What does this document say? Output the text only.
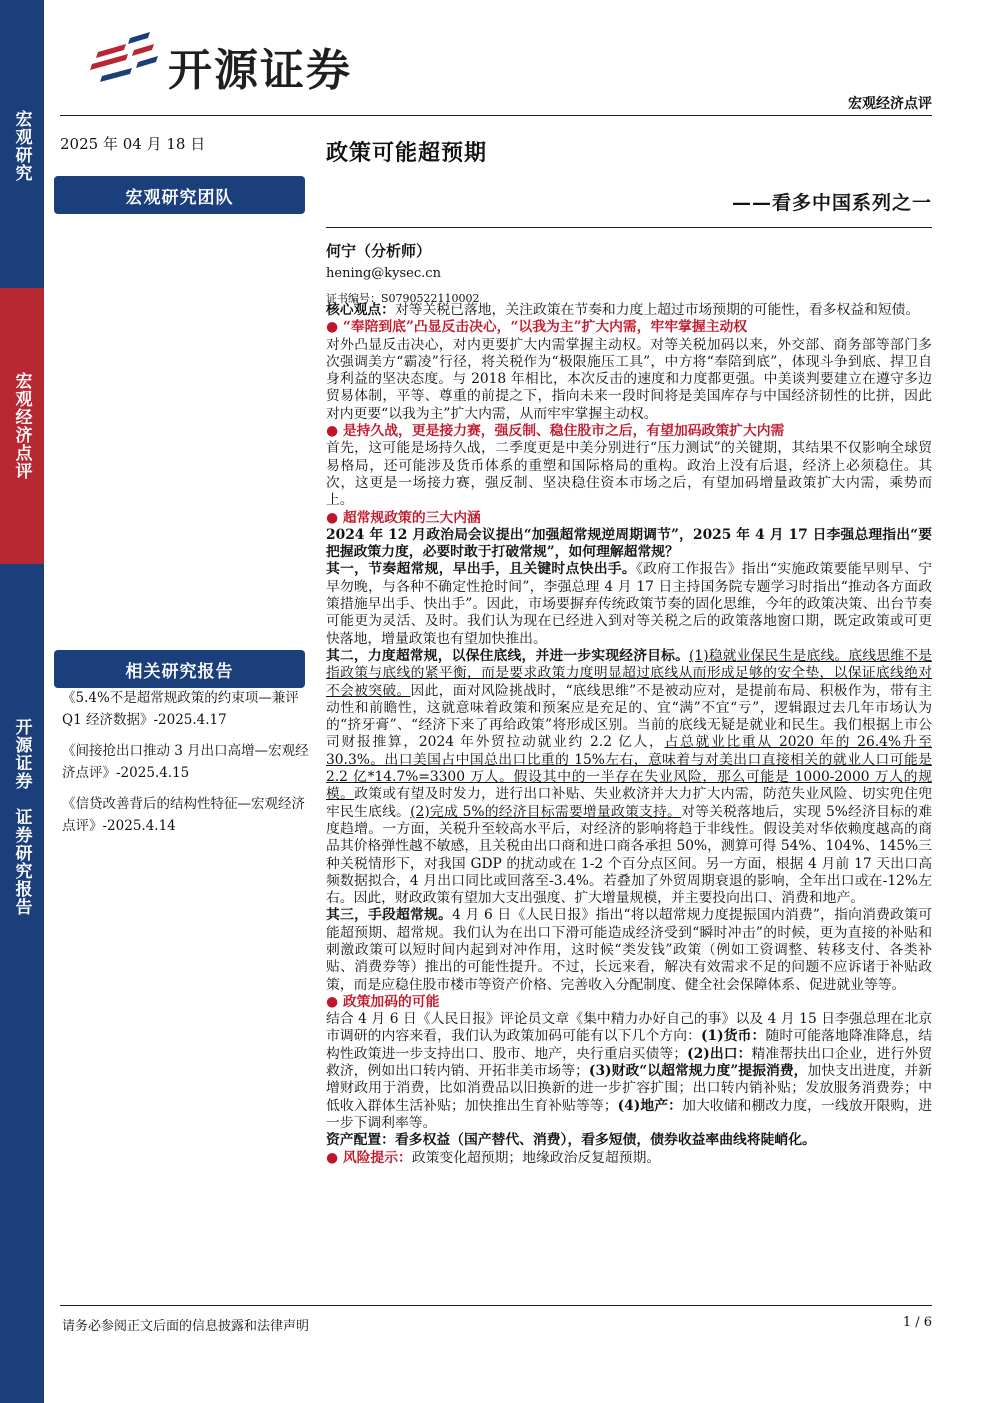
宏观研究
宏观经济点评
开源证券
证券研究报告
开源证券
宏观经济点评
2025 年 04 月 18 日	政策可能超预期
——看多中国系列之一
宏观研究团队
何宁（分析师）
hening@kysec.cn
证书编号：S0790522110002
相关研究报告

《5.4%不是超常规政策的约束项—兼评 Q1 经济数据》-2025.4.17

《间接抢出口推动 3 月出口高增—宏观经济点评》-2025.4.15

《信贷改善背后的结构性特征—宏观经济点评》-2025.4.14

核心观点：对等关税已落地，关注政策在节奏和力度上超过市场预期的可能性，看多权益和短债。

● “奉陪到底”凸显反击决心，“以我为主”扩大内需，牢牢掌握主动权

对外凸显反击决心，对内更要扩大内需掌握主动权。对等关税加码以来，外交部、商务部等部门多次强调美方“霸凌”行径，将关税作为“极限施压工具”，中方将“奉陪到底”，体现斗争到底、捍卫自身利益的坚决态度。与 2018 年相比，本次反击的速度和力度都更强。中美谈判要建立在遵守多边贸易体制，平等、尊重的前提之下，指向未来一段时间将是美国库存与中国经济韧性的比拼，因此对内更要“以我为主”扩大内需，从而牢牢掌握主动权。

● 是持久战，更是接力赛，强反制、稳住股市之后，有望加码政策扩大内需

首先，这可能是场持久战，二季度更是中美分别进行“压力测试”的关键期，其结果不仅影响全球贸易格局，还可能涉及货币体系的重塑和国际格局的重构。政治上没有后退，经济上必须稳住。其次，这更是一场接力赛，强反制、坚决稳住资本市场之后，有望加码增量政策扩大内需，乘势而上。

● 超常规政策的三大内涵

2024 年 12 月政治局会议提出“加强超常规逆周期调节”，2025 年 4 月 17 日李强总理指出“要把握政策力度，必要时敢于打破常规”，如何理解超常规？

其一，节奏超常规，早出手，且关键时点快出手。《政府工作报告》指出“实施政策要能早则早、宁早勿晚，与各种不确定性抢时间”，李强总理 4 月 17 日主持国务院专题学习时指出“推动各方面政策措施早出手、快出手”。因此，市场要摒弃传统政策节奏的固化思维，今年的政策决策、出台节奏可能更为灵活、及时。我们认为现在已经进入到对等关税之后的政策落地窗口期，既定政策或可更快落地，增量政策也有望加快推出。

其二，力度超常规，以保住底线，并进一步实现经济目标。(1)稳就业保民生是底线。底线思维不是指政策与底线的紧平衡，而是要求政策力度明显超过底线从而形成足够的安全垫，以保证底线绝对不会被突破。因此，面对风险挑战时，“底线思维”不是被动应对，是提前布局、积极作为，带有主动性和前瞻性，这就意味着政策和预案应是充足的、宜“满”不宜“亏”，逻辑跟过去几年市场认为的“挤牙膏”、“经济下来了再给政策”将形成区别。当前的底线无疑是就业和民生。我们根据上市公司财报推算，2024 年外贸拉动就业约 2.2 亿人，占总就业比重从 2020 年的 26.4%升至 30.3%。出口美国占中国总出口比重的 15%左右，意味着与对美出口直接相关的就业人口可能是 2.2 亿*14.7%=3300 万人。假设其中的一半存在失业风险，那么可能是 1000-2000 万人的规模。政策或有望及时发力，进行出口补贴、失业救济并大力扩大内需，防范失业风险、切实兜住兜牢民生底线。(2)完成 5%的经济目标需要增量政策支持。对等关税落地后，实现 5%经济目标的难度趋增。一方面，关税升至较高水平后，对经济的影响将趋于非线性。假设美对华依赖度越高的商品其价格弹性越不敏感，且关税由出口商和进口商各承担 50%，测算可得 54%、104%、145%三种关税情形下，对我国 GDP 的扰动或在 1-2 个百分点区间。另一方面，根据 4 月前 17 天出口高频数据拟合，4 月出口同比或回落至-3.4%。若叠加了外贸周期衰退的影响，全年出口或在-12%左右。因此，财政政策有望加大支出强度、扩大增量规模，并主要投向出口、消费和地产。

其三，手段超常规。4 月 6 日《人民日报》指出“将以超常规力度提振国内消费”，指向消费政策可能超预期、超常规。我们认为在出口下滑可能造成经济受到“瞬时冲击”的时候，更为直接的补贴和刺激政策可以短时间内起到对冲作用，这时候“类发钱”政策（例如工资调整、转移支付、各类补贴、消费券等）推出的可能性提升。不过，长远来看，解决有效需求不足的问题不应诉诸于补贴政策，而是应稳住股市楼市等资产价格、完善收入分配制度、健全社会保障体系、促进就业等等。

● 政策加码的可能

结合 4 月 6 日《人民日报》评论员文章《集中精力办好自己的事》以及 4 月 15 日李强总理在北京市调研的内容来看，我们认为政策加码可能有以下几个方向：(1)货币：随时可能落地降准降息，结构性政策进一步支持出口、股市、地产，央行重启买债等；(2)出口：精准帮扶出口企业，进行外贸救济，例如出口转内销、开拓非美市场等；(3)财政“以超常规力度”提振消费，加快支出进度，并新增财政用于消费，比如消费品以旧换新的进一步扩容扩围；出口转内销补贴；发放服务消费券；中低收入群体生活补贴；加快推出生育补贴等等；(4)地产：加大收储和棚改力度，一线放开限购，进一步下调利率等。

资产配置：看多权益（国产替代、消费），看多短债，债券收益率曲线将陡峭化。

● 风险提示：政策变化超预期；地缘政治反复超预期。

请务必参阅正文后面的信息披露和法律声明	1 / 6
